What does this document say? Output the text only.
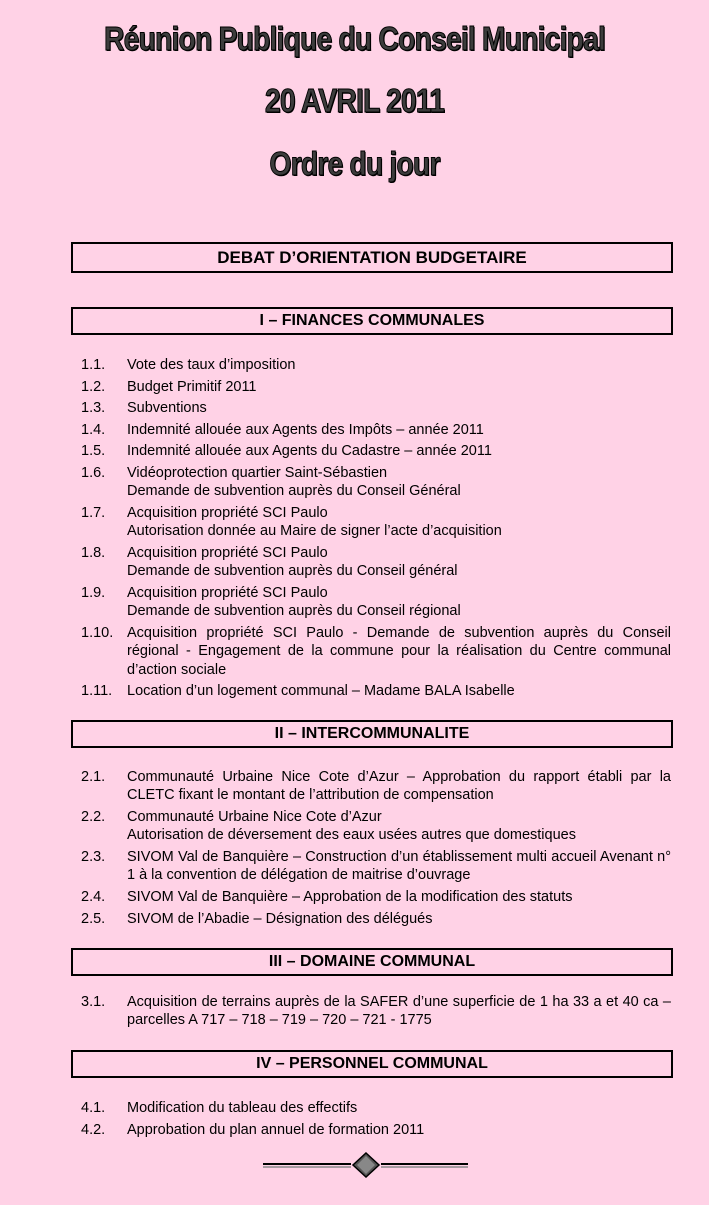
Réunion Publique du Conseil Municipal
20 AVRIL 2011
Ordre du jour
DEBAT D’ORIENTATION BUDGETAIRE
I – FINANCES COMMUNALES
1.1.	Vote des taux d’imposition
1.2.	Budget Primitif 2011
1.3.	Subventions
1.4.	Indemnité allouée aux Agents des Impôts – année 2011
1.5.	Indemnité allouée aux Agents du Cadastre – année 2011
1.6.	Vidéoprotection quartier Saint-Sébastien
Demande de subvention auprès du Conseil Général
1.7.	Acquisition propriété SCI Paulo
Autorisation donnée au Maire de signer l’acte d’acquisition
1.8.	Acquisition propriété SCI Paulo
Demande de subvention auprès du Conseil général
1.9.	Acquisition propriété SCI Paulo
Demande de subvention auprès du Conseil régional
1.10. Acquisition propriété SCI Paulo - Demande de subvention auprès du Conseil régional - Engagement de la commune pour la réalisation du Centre communal d’action sociale
1.11.	Location d’un logement communal – Madame BALA Isabelle
II – INTERCOMMUNALITE
2.1.	Communauté Urbaine Nice Cote d’Azur – Approbation du rapport établi par la CLETC fixant le montant de l’attribution de compensation
2.2.	Communauté Urbaine Nice Cote d’Azur
Autorisation de déversement des eaux usées autres que domestiques
2.3.	SIVOM Val de Banquière – Construction d’un établissement multi accueil Avenant n° 1 à la convention de délégation de maitrise d’ouvrage
2.4.	SIVOM Val de Banquière – Approbation de la modification des statuts
2.5.	SIVOM de l’Abadie – Désignation des délégués
III – DOMAINE COMMUNAL
3.1.	Acquisition de terrains auprès de la SAFER d’une superficie de 1 ha 33 a et 40 ca – parcelles A 717 – 718 – 719 – 720 – 721 - 1775
IV – PERSONNEL COMMUNAL
4.1.	Modification du tableau des effectifs
4.2.	Approbation du plan annuel de formation 2011
